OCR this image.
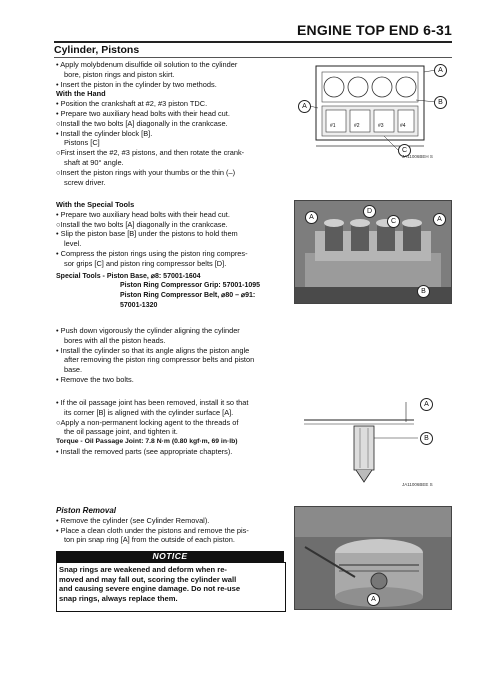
ENGINE TOP END 6-31
Cylinder, Pistons

• Apply molybdenum disulfide oil solution to the cylinder

bore, piston rings and piston skirt.

• Insert the piston in the cylinder by two methods.

With the Hand

• Position the crankshaft at #2, #3 piston TDC.

• Prepare two auxiliary head bolts with their head cut.

○Install the two bolts [A] diagonally in the crankcase.

• Install the cylinder block [B].

Pistons [C]

○First insert the #2, #3 pistons, and then rotate the crank-

shaft at 90° angle.

○Insert the piston rings with your thumbs or the thin (–)

screw driver.

With the Special Tools

• Prepare two auxiliary head bolts with their head cut.

○Install the two bolts [A] diagonally in the crankcase.

• Slip the piston base [B] under the pistons to hold them

level.

• Compress the piston rings using the piston ring compres-

sor grips [C] and piston ring compressor belts [D].

Special Tools - Piston Base, ⌀8: 57001-1604

Piston Ring Compressor Grip: 57001-1095

Piston Ring Compressor Belt, ⌀80 – ⌀91:

57001-1320

• Push down vigorously the cylinder aligning the cylinder

bores with all the piston heads.

• Install the cylinder so that its angle aligns the piston angle

after removing the piston ring compressor belts and piston

base.

• Remove the two bolts.

• If the oil passage joint has been removed, install it so that

its corner [B] is aligned with the cylinder surface [A].

○Apply a non-permanent locking agent to the threads of

the oil passage joint, and tighten it.

Torque - Oil Passage Joint: 7.8 N·m (0.80 kgf·m, 69 in·lb)

• Install the removed parts (see appropriate chapters).

Piston Removal

• Remove the cylinder (see Cylinder Removal).

• Place a clean cloth under the pistons and remove the pis-

ton pin snap ring [A] from the outside of each piston.

NOTICE
Snap rings are weakened and deform when re-
moved and may fall out, scoring the cylinder wall
and causing severe engine damage. Do not re-use
snap rings, always replace them.
A
B
C
A
#1	#2	#3	#4
JA11006BEH S
A
D
C	A
B
A
B
JA11006BEE S
A
